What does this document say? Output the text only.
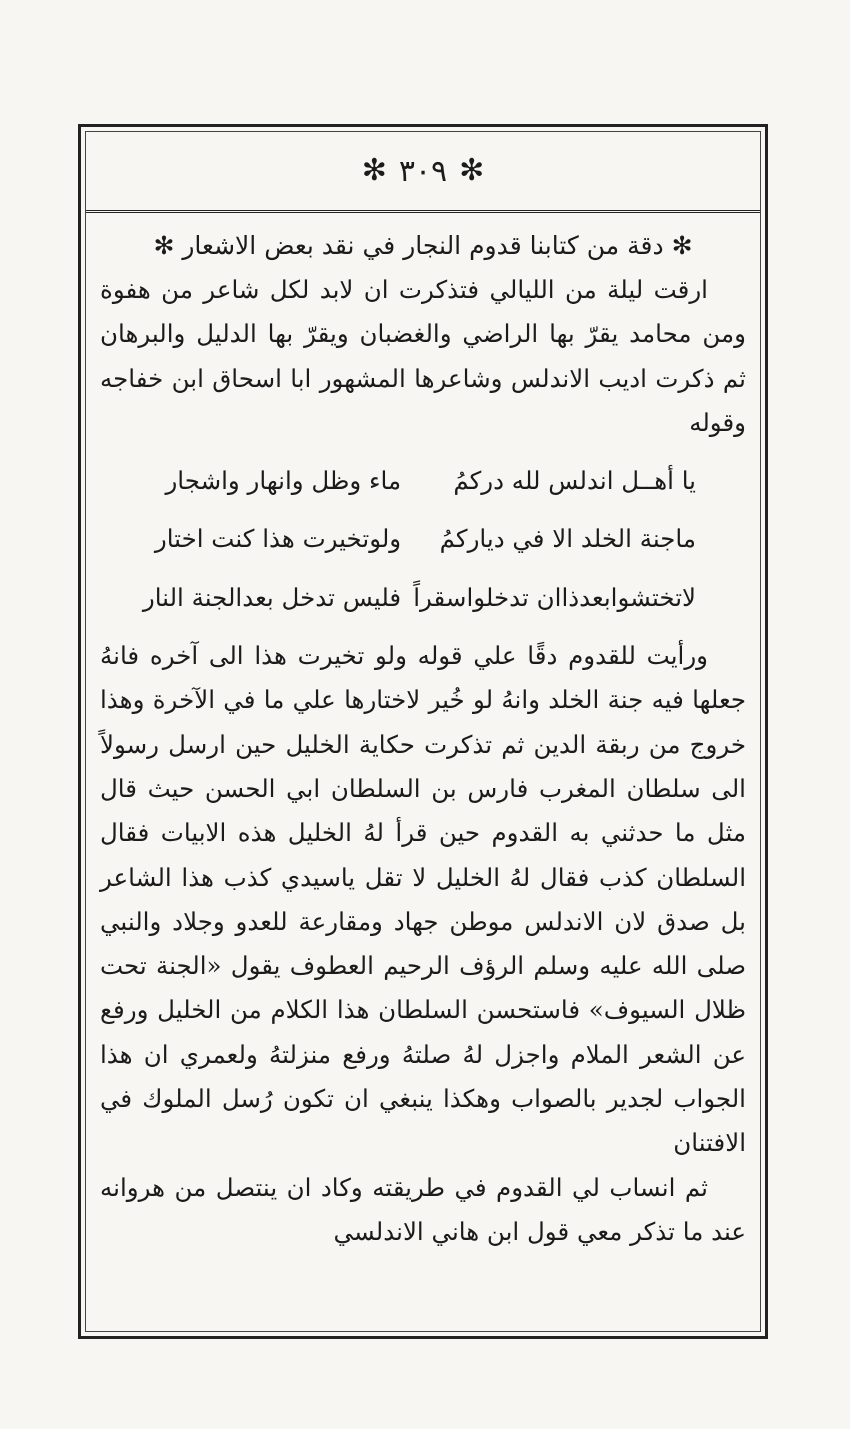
✻
٣٠٩
✻
✻ دقة من كتابنا قدوم النجار في نقد بعض الاشعار ✻

ارقت ليلة من الليالي فتذكرت ان لابد لكل شاعر من هفوة ومن محامد يقرّ بها الراضي والغضبان ويقرّ بها الدليل والبرهان ثم ذكرت اديب الاندلس وشاعرها المشهور ابا اسحاق ابن خفاجه وقوله

يا أهــل اندلس لله دركمُ
ماء وظل وانهار واشجار
ماجنة الخلد الا في دياركمُ
ولوتخيرت هذا كنت اختار
لاتختشوابعدذاان تدخلواسقراً
فليس تدخل بعدالجنة النار

ورأيت للقدوم دقًا علي قوله ولو تخيرت هذا الى آخره فانهُ جعلها فيه جنة الخلد وانهُ لو خُير لاختارها علي ما في الآخرة وهذا خروج من ربقة الدين ثم تذكرت حكاية الخليل حين ارسل رسولاً الى سلطان المغرب فارس بن السلطان ابي الحسن حيث قال مثل ما حدثني به القدوم حين قرأ لهُ الخليل هذه الابيات فقال السلطان كذب فقال لهُ الخليل لا تقل ياسيدي كذب هذا الشاعر بل صدق لان الاندلس موطن جهاد ومقارعة للعدو وجلاد والنبي صلى الله عليه وسلم الرؤف الرحيم العطوف يقول «الجنة تحت ظلال السيوف» فاستحسن السلطان هذا الكلام من الخليل ورفع عن الشعر الملام واجزل لهُ صلتهُ ورفع منزلتهُ ولعمري ان هذا الجواب لجدير بالصواب وهكذا ينبغي ان تكون رُسل الملوك في الافتنان

ثم انساب لي القدوم في طريقته وكاد ان ينتصل من هروانه عند ما تذكر معي قول ابن هاني الاندلسي
